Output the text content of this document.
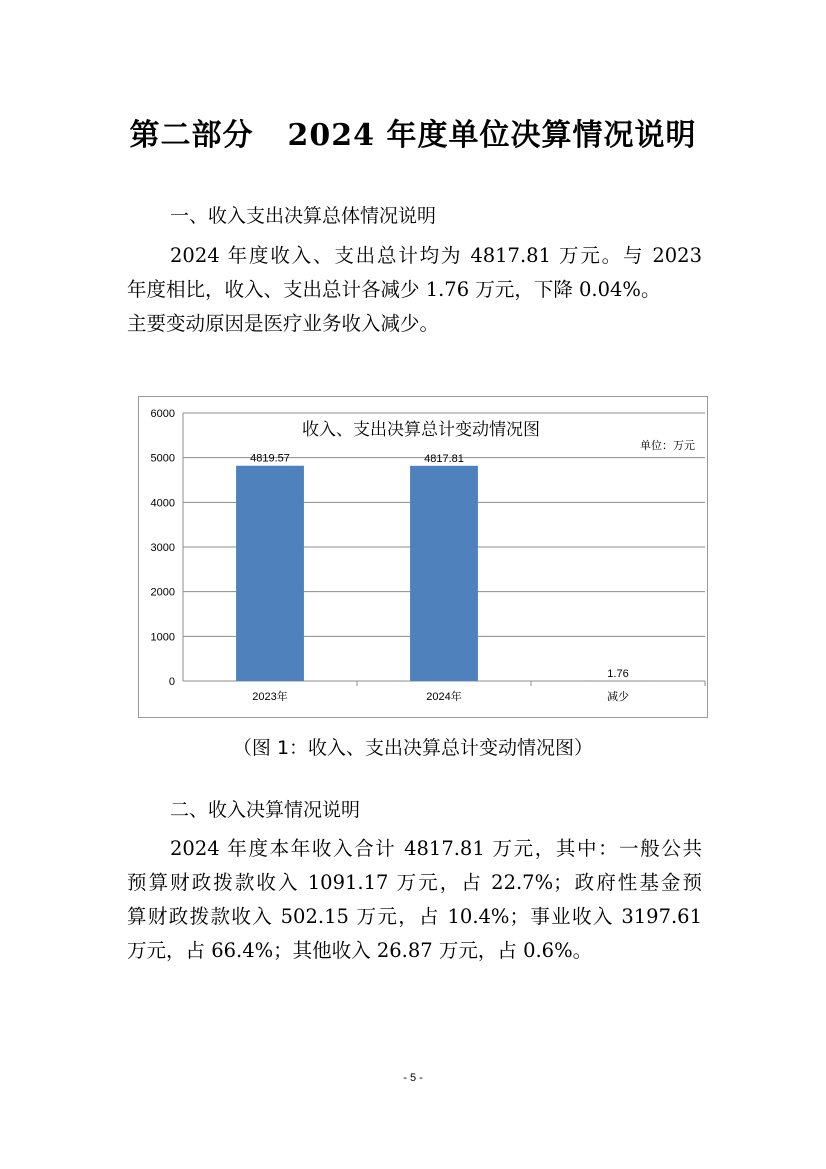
第二部分 2024 年度单位决算情况说明
一、收入支出决算总体情况说明

2024 年度收入、支出总计均为 4817.81 万元。与 2023

年度相比，收入、支出总计各减少 1.76 万元，下降 0.04%。

主要变动原因是医疗业务收入减少。

0
1000
2000
3000
4000
5000
6000
4819.57
2023年
4817.81
2024年
1.76
减少
收入、支出决算总计变动情况图
单位：万元
（图 1：收入、支出决算总计变动情况图）
二、收入决算情况说明

2024 年度本年收入合计 4817.81 万元，其中：一般公共

预算财政拨款收入 1091.17 万元，占 22.7%；政府性基金预

算财政拨款收入 502.15 万元，占 10.4%；事业收入 3197.61

万元，占 66.4%；其他收入 26.87 万元，占 0.6%。

- 5 -
